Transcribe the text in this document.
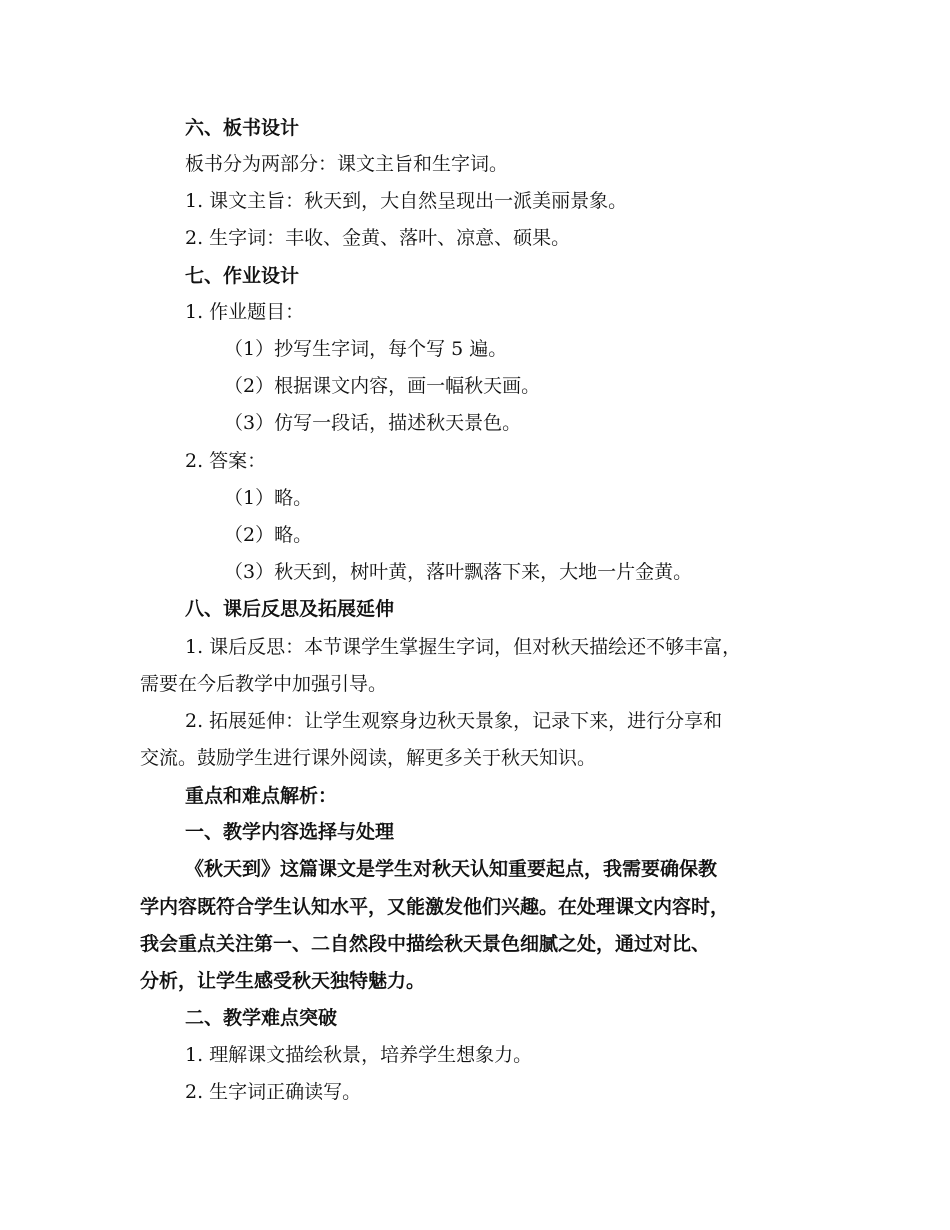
六、板书设计
板书分为两部分：课文主旨和生字词。
1. 课文主旨：秋天到，大自然呈现出一派美丽景象。
2. 生字词：丰收、金黄、落叶、凉意、硕果。
七、作业设计
1. 作业题目：
（1）抄写生字词，每个写 5 遍。
（2）根据课文内容，画一幅秋天画。
（3）仿写一段话，描述秋天景色。
2. 答案：
（1）略。
（2）略。
（3）秋天到，树叶黄，落叶飘落下来，大地一片金黄。
八、课后反思及拓展延伸
1. 课后反思：本节课学生掌握生字词，但对秋天描绘还不够丰富，
需要在今后教学中加强引导。
2. 拓展延伸：让学生观察身边秋天景象，记录下来，进行分享和
交流。鼓励学生进行课外阅读，解更多关于秋天知识。
重点和难点解析：
一、教学内容选择与处理
《秋天到》这篇课文是学生对秋天认知重要起点，我需要确保教
学内容既符合学生认知水平，又能激发他们兴趣。在处理课文内容时，
我会重点关注第一、二自然段中描绘秋天景色细腻之处，通过对比、
分析，让学生感受秋天独特魅力。
二、教学难点突破
1. 理解课文描绘秋景，培养学生想象力。
2. 生字词正确读写。
